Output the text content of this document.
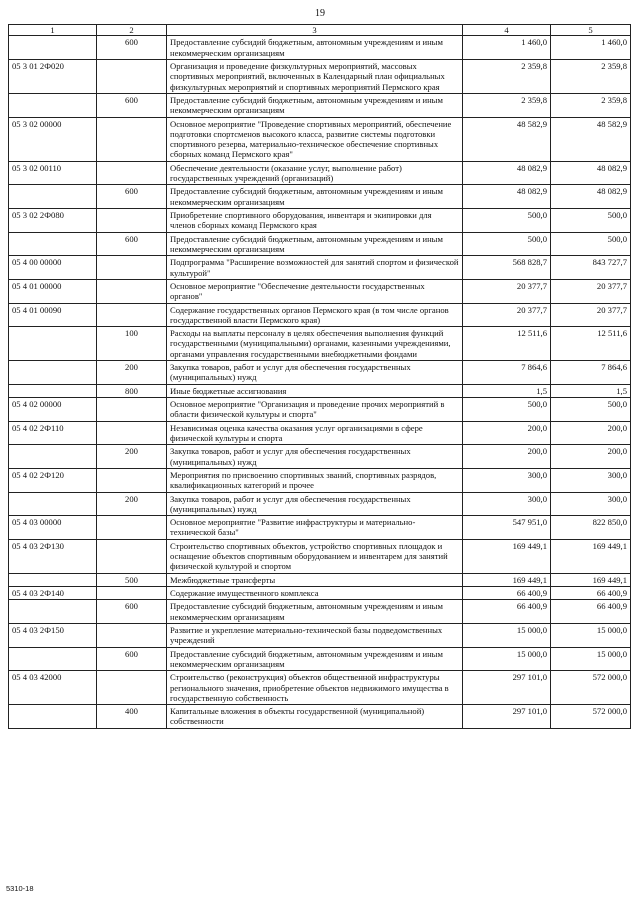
19
1	2	3	4	5
	600	Предоставление субсидий бюджетным, автономным учреждениям и иным некоммерческим организациям	1 460,0	1 460,0
05 3 01 2Ф020		Организация и проведение физкультурных мероприятий, массовых спортивных мероприятий, включенных в Календарный план официальных физкультурных мероприятий и спортивных мероприятий Пермского края	2 359,8	2 359,8
	600	Предоставление субсидий бюджетным, автономным учреждениям и иным некоммерческим организациям	2 359,8	2 359,8
05 3 02 00000		Основное мероприятие "Проведение спортивных мероприятий, обеспечение подготовки спортсменов высокого класса, развитие системы подготовки спортивного резерва, материально-техническое обеспечение спортивных сборных команд Пермского края"	48 582,9	48 582,9
05 3 02 00110		Обеспечение деятельности (оказание услуг, выполнение работ) государственных учреждений (организаций)	48 082,9	48 082,9
	600	Предоставление субсидий бюджетным, автономным учреждениям и иным некоммерческим организациям	48 082,9	48 082,9
05 3 02 2Ф080		Приобретение спортивного оборудования, инвентаря и экипировки для членов сборных команд Пермского края	500,0	500,0
	600	Предоставление субсидий бюджетным, автономным учреждениям и иным некоммерческим организациям	500,0	500,0
05 4 00 00000		Подпрограмма "Расширение возможностей для занятий спортом и физической культурой"	568 828,7	843 727,7
05 4 01 00000		Основное мероприятие "Обеспечение деятельности государственных органов"	20 377,7	20 377,7
05 4 01 00090		Содержание государственных органов Пермского края (в том числе органов государственной власти Пермского края)	20 377,7	20 377,7
	100	Расходы на выплаты персоналу в целях обеспечения выполнения функций государственными (муниципальными) органами, казенными учреждениями, органами управления государственными внебюджетными фондами	12 511,6	12 511,6
	200	Закупка товаров, работ и услуг для обеспечения государственных (муниципальных) нужд	7 864,6	7 864,6
	800	Иные бюджетные ассигнования	1,5	1,5
05 4 02 00000		Основное мероприятие "Организация и проведение прочих мероприятий в области физической культуры и спорта"	500,0	500,0
05 4 02 2Ф110		Независимая оценка качества оказания услуг организациями в сфере физической культуры и спорта	200,0	200,0
	200	Закупка товаров, работ и услуг для обеспечения государственных (муниципальных) нужд	200,0	200,0
05 4 02 2Ф120		Мероприятия по присвоению спортивных званий, спортивных разрядов, квалификационных категорий и прочее	300,0	300,0
	200	Закупка товаров, работ и услуг для обеспечения государственных (муниципальных) нужд	300,0	300,0
05 4 03 00000		Основное мероприятие "Развитие инфраструктуры и материально-технической базы"	547 951,0	822 850,0
05 4 03 2Ф130		Строительство спортивных объектов, устройство спортивных площадок и оснащение объектов спортивным оборудованием и инвентарем для занятий физической культурой и спортом	169 449,1	169 449,1
	500	Межбюджетные трансферты	169 449,1	169 449,1
05 4 03 2Ф140		Содержание имущественного комплекса	66 400,9	66 400,9
	600	Предоставление субсидий бюджетным, автономным учреждениям и иным некоммерческим организациям	66 400,9	66 400,9
05 4 03 2Ф150		Развитие и укрепление материально-технической базы подведомственных учреждений	15 000,0	15 000,0
	600	Предоставление субсидий бюджетным, автономным учреждениям и иным некоммерческим организациям	15 000,0	15 000,0
05 4 03 42000		Строительство (реконструкция) объектов общественной инфраструктуры регионального значения, приобретение объектов недвижимого имущества в государственную собственность	297 101,0	572 000,0
	400	Капитальные вложения в объекты государственной (муниципальной) собственности	297 101,0	572 000,0
5310-18
